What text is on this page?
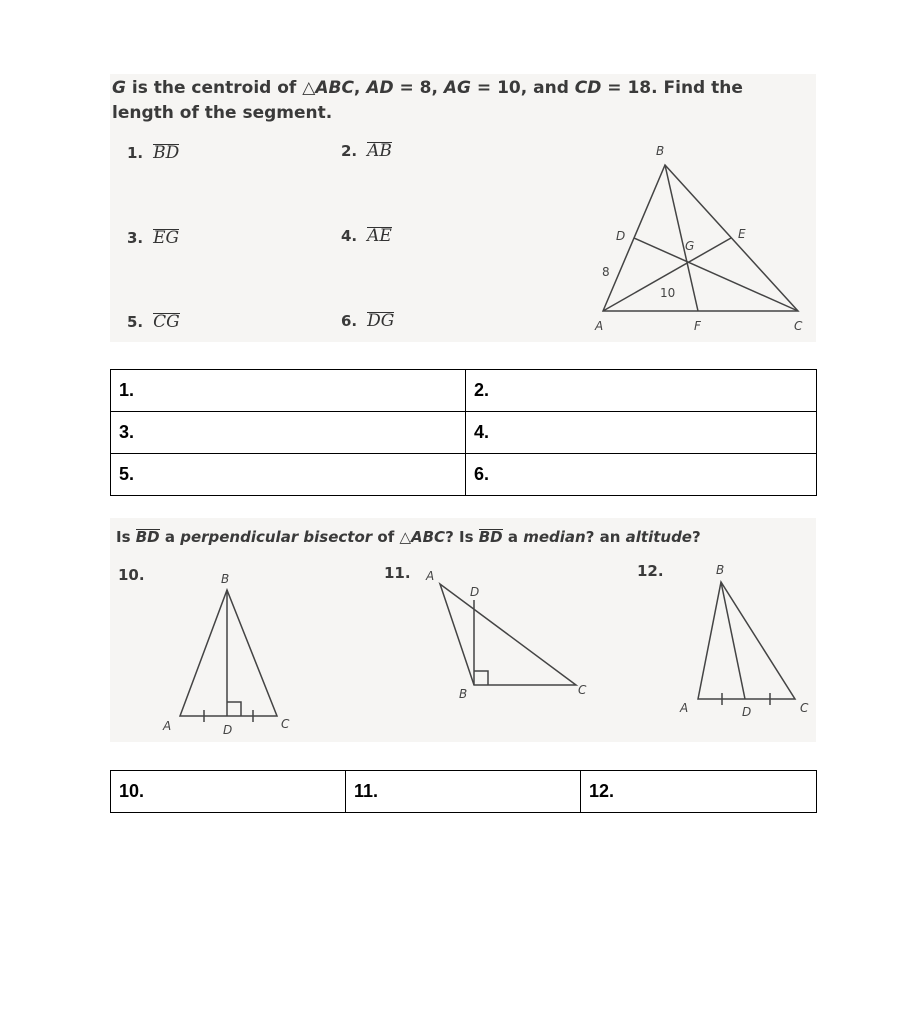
G is the centroid of △ABC, AD = 8, AG = 10, and CD = 18. Find the
length of the segment.
1. BD	2. AB
3. EG	4. AE
5. CG	6. DG
B
D	E
G
A	F	C
8
10
1.	2.
3.	4.
5.	6.
Is BD a perpendicular bisector of △ABC? Is BD a median? an altitude?
10.	11.	12.
B
A	D	C
A
D
B	C
B
A	D	C
10.	11.	12.
